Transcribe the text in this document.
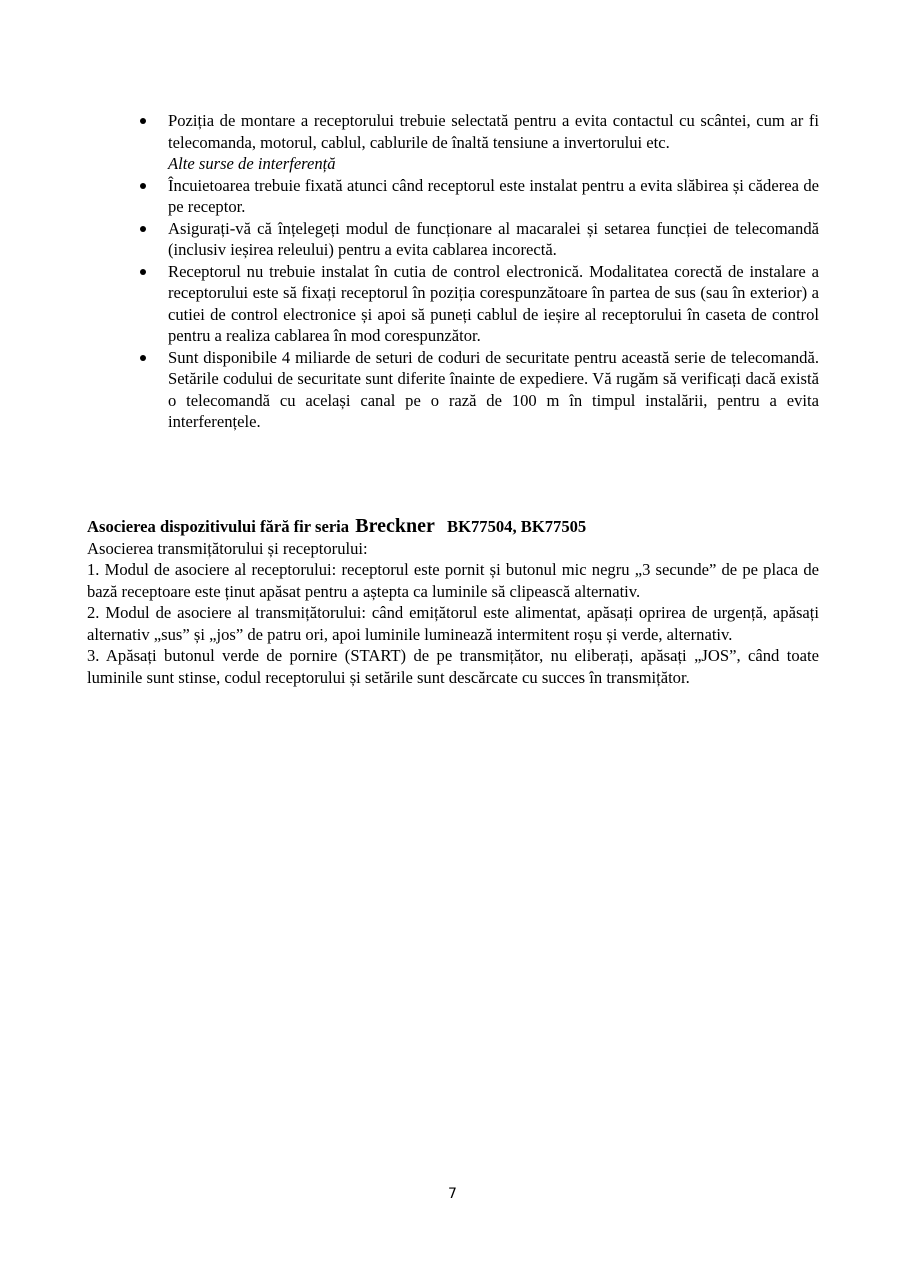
Poziția de montare a receptorului trebuie selectată pentru a evita contactul cu scântei, cum ar fi telecomanda, motorul, cablul, cablurile de înaltă tensiune a invertorului etc.
Alte surse de interferență
Încuietoarea trebuie fixată atunci când receptorul este instalat pentru a evita slăbirea și căderea de pe receptor.
Asigurați-vă că înțelegeți modul de funcționare al macaralei și setarea funcției de telecomandă (inclusiv ieșirea releului) pentru a evita cablarea incorectă.
Receptorul nu trebuie instalat în cutia de control electronică. Modalitatea corectă de instalare a receptorului este să fixați receptorul în poziția corespunzătoare în partea de sus (sau în exterior) a cutiei de control electronice și apoi să puneți cablul de ieșire al receptorului în caseta de control pentru a realiza cablarea în mod corespunzător.
Sunt disponibile 4 miliarde de seturi de coduri de securitate pentru această serie de telecomandă. Setările codului de securitate sunt diferite înainte de expediere. Vă rugăm să verificați dacă există o telecomandă cu același canal pe o rază de 100 m în timpul instalării, pentru a evita interferențele.
Asocierea dispozitivului fără fir seria Breckner BK77504, BK77505

Asocierea transmițătorului și receptorului:

1. Modul de asociere al receptorului: receptorul este pornit și butonul mic negru „3 secunde” de pe placa de bază receptoare este ținut apăsat pentru a aștepta ca luminile să clipească alternativ.

2. Modul de asociere al transmițătorului: când emițătorul este alimentat, apăsați oprirea de urgență, apăsați alternativ „sus” și „jos” de patru ori, apoi luminile luminează intermitent roșu și verde, alternativ.

3. Apăsați butonul verde de pornire (START) de pe transmițător, nu eliberați, apăsați „JOS”, când toate luminile sunt stinse, codul receptorului și setările sunt descărcate cu succes în transmițător.

7
